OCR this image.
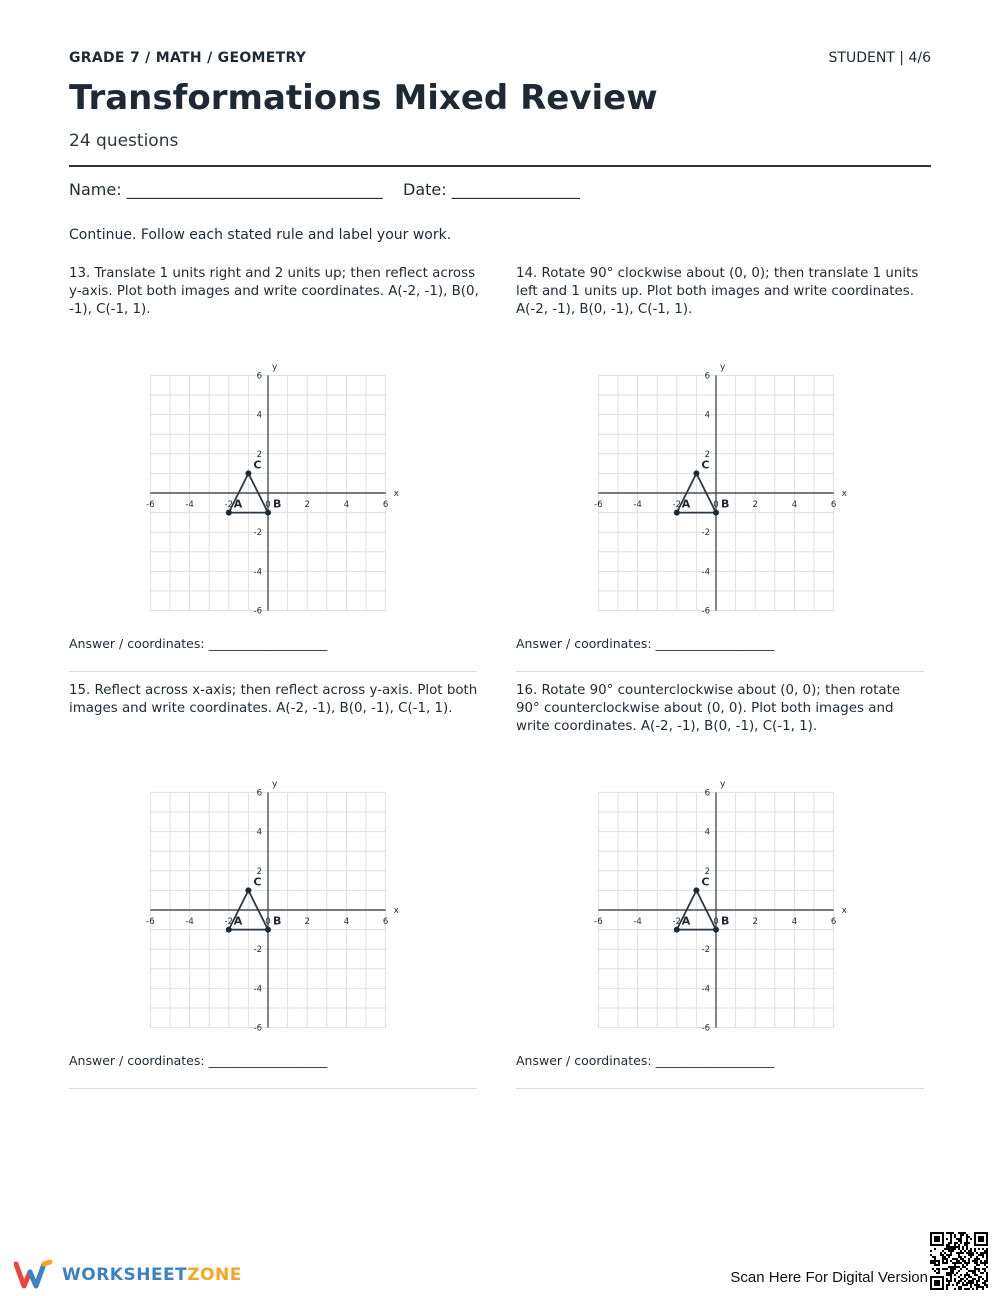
GRADE 7 / MATH / GEOMETRY	STUDENT | 4/6
Transformations Mixed Review
24 questions
Name: ________________________________    Date: ________________
Continue. Follow each stated rule and label your work.

13. Translate 1 units right and 2 units up; then reflect across y-axis. Plot both images and write coordinates. A(-2, -1), B(0, -1), C(-1, 1).

x
y
-6
-6
-4
-4
-2
-2
0	2
2
4
4
6
6
A	B
C
Answer / coordinates: ___________________

14. Rotate 90° clockwise about (0, 0); then translate 1 units left and 1 units up. Plot both images and write coordinates. A(-2, -1), B(0, -1), C(-1, 1).

x
y
-6
-6
-4
-4
-2
-2
0	2
2
4
4
6
6
A	B
C
Answer / coordinates: ___________________

15. Reflect across x-axis; then reflect across y-axis. Plot both images and write coordinates. A(-2, -1), B(0, -1), C(-1, 1).

x
y
-6
-6
-4
-4
-2
-2
0	2
2
4
4
6
6
A	B
C
Answer / coordinates: ___________________

16. Rotate 90° counterclockwise about (0, 0); then rotate 90° counterclockwise about (0, 0). Plot both images and write coordinates. A(-2, -1), B(0, -1), C(-1, 1).

x
y
-6
-6
-4
-4
-2
-2
0	2
2
4
4
6
6
A	B
C
Answer / coordinates: ___________________
WORKSHEETZONE	Scan Here For Digital Version
